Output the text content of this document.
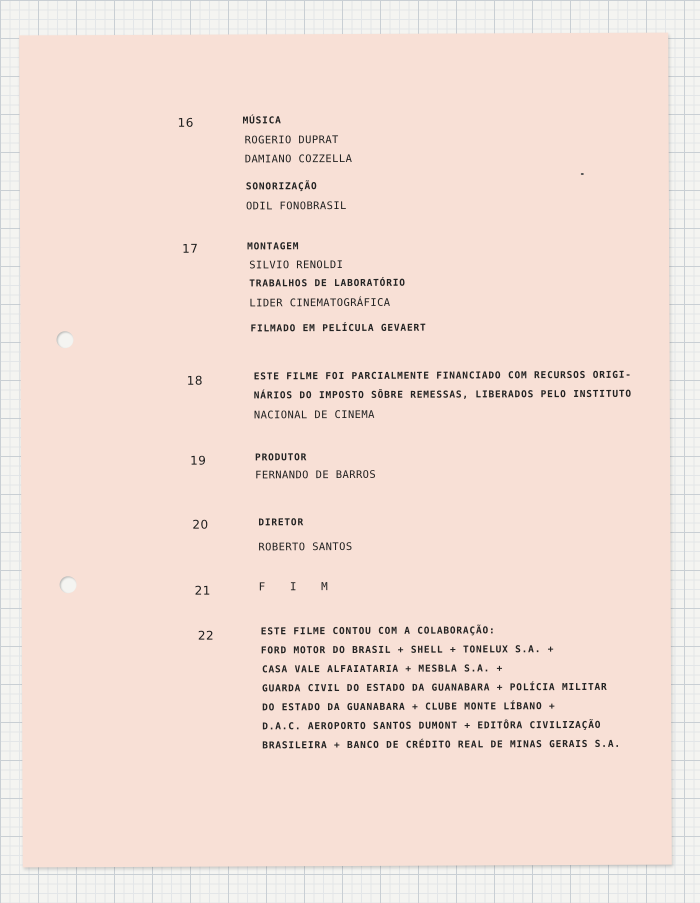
16	MÚSICA
ROGERIO DUPRAT
DAMIANO COZZELLA
SONORIZAÇÃO
ODIL FONOBRASIL
17	MONTAGEM
SILVIO RENOLDI
TRABALHOS DE LABORATÓRIO
LIDER CINEMATOGRÁFICA
FILMADO EM PELÍCULA GEVAERT
18	ESTE FILME FOI PARCIALMENTE FINANCIADO COM RECURSOS ORIGI-
NÁRIOS DO IMPOSTO SÔBRE REMESSAS, LIBERADOS PELO INSTITUTO
NACIONAL DE CINEMA
19	PRODUTOR
FERNANDO DE BARROS
20	DIRETOR
ROBERTO SANTOS
21	F I M
22	ESTE FILME CONTOU COM A COLABORAÇÃO:
FORD MOTOR DO BRASIL + SHELL + TONELUX S.A. +
CASA VALE ALFAIATARIA + MESBLA S.A. +
GUARDA CIVIL DO ESTADO DA GUANABARA + POLÍCIA MILITAR
DO ESTADO DA GUANABARA + CLUBE MONTE LÍBANO +
D.A.C. AEROPORTO SANTOS DUMONT + EDITÔRA CIVILIZAÇÃO
BRASILEIRA + BANCO DE CRÉDITO REAL DE MINAS GERAIS S.A.
